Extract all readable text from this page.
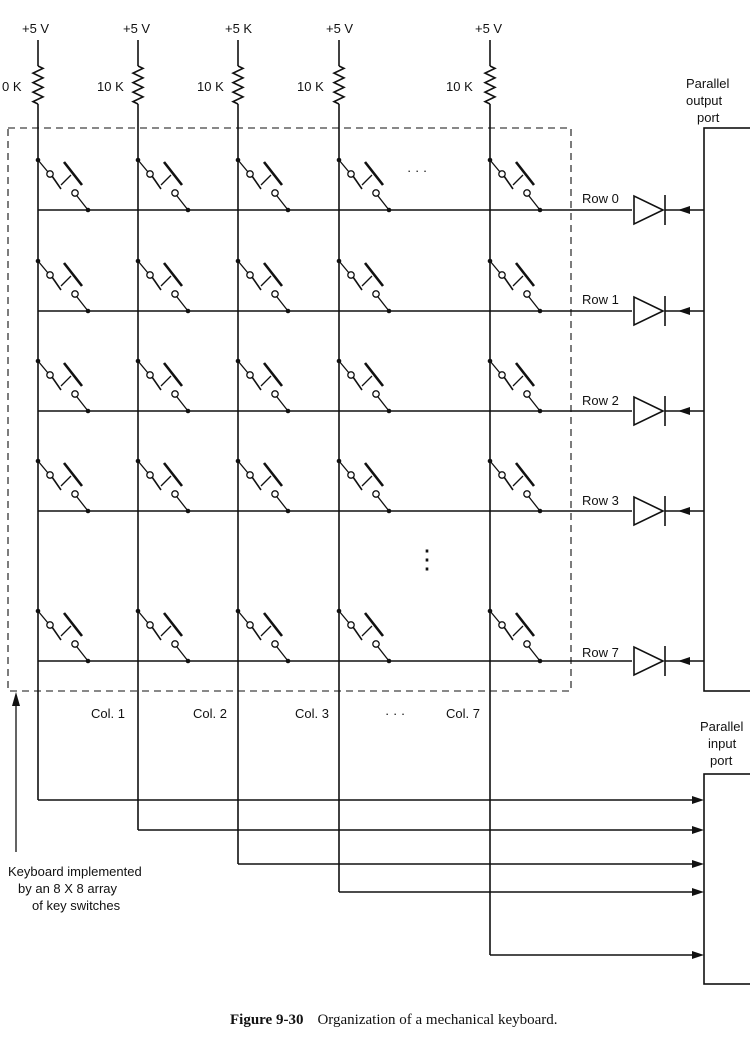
+5 V	+5 V	+5 K	+5 V	+5 V
0 K	10 K	10 K	10 K	10 K	Parallel
output
port
Parallel
input
port
Row 0
Row 1
Row 2
Row 3
Row 7
Col. 1	Col. 2	Col. 3	· · ·	Col. 7
· · ·
⋮
Keyboard implemented
by an 8 X 8 array
of key switches
Figure 9-30 Organization of a mechanical keyboard.
